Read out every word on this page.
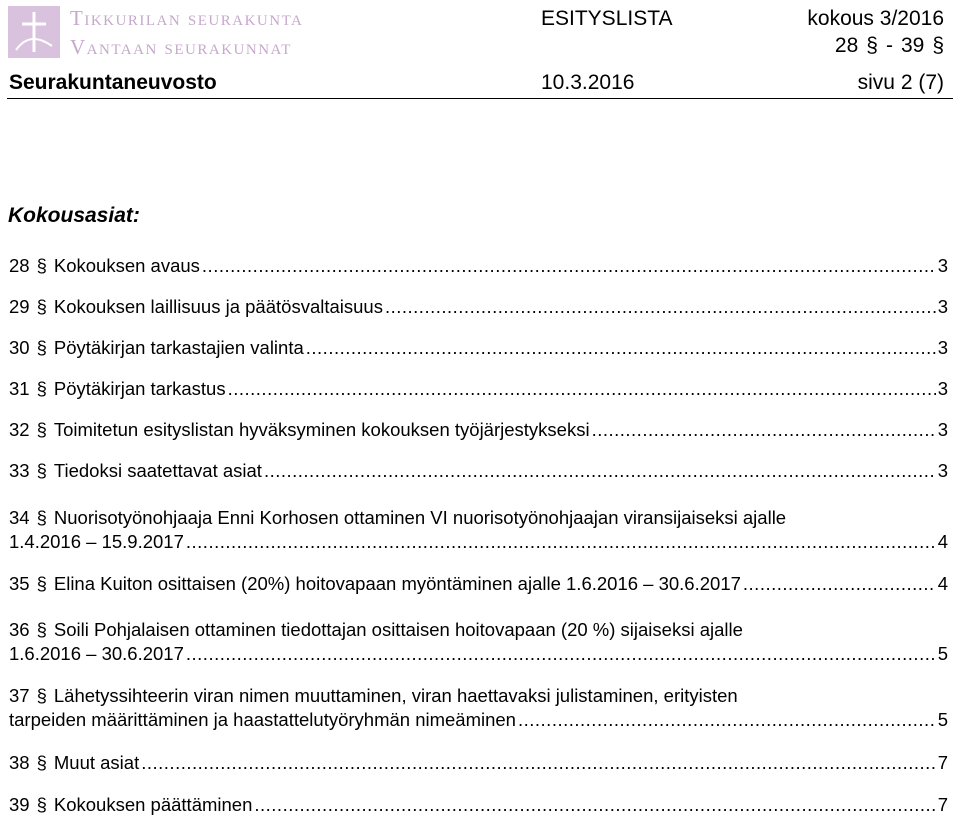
Tikkurilan seurakunta
Vantaan seurakunnat
ESITYSLISTA	kokous 3/2016
28 § - 39 §
Seurakuntaneuvosto	10.3.2016	sivu 2 (7)
Kokousasiat:
28 § Kokouksen avaus .....	3
29 § Kokouksen laillisuus ja päätösvaltaisuus .....	3
30 § Pöytäkirjan tarkastajien valinta .....	3
31 § Pöytäkirjan tarkastus .....	3
32 § Toimitetun esityslistan hyväksyminen kokouksen työjärjestykseksi .....	3
33 § Tiedoksi saatettavat asiat .....	3
34 § Nuorisotyönohjaaja Enni Korhosen ottaminen VI nuorisotyönohjaajan viransijaiseksi ajalle
1.4.2016 – 15.9.2017 .....	4
35 § Elina Kuiton osittaisen (20%) hoitovapaan myöntäminen ajalle 1.6.2016 – 30.6.2017 .....	4
36 § Soili Pohjalaisen ottaminen tiedottajan osittaisen hoitovapaan (20 %) sijaiseksi ajalle
1.6.2016 – 30.6.2017 .....	5
37 § Lähetyssihteerin viran nimen muuttaminen, viran haettavaksi julistaminen, erityisten
tarpeiden määrittäminen ja haastattelutyöryhmän nimeäminen .....	5
38 § Muut asiat .....	7
39 § Kokouksen päättäminen .....	7
